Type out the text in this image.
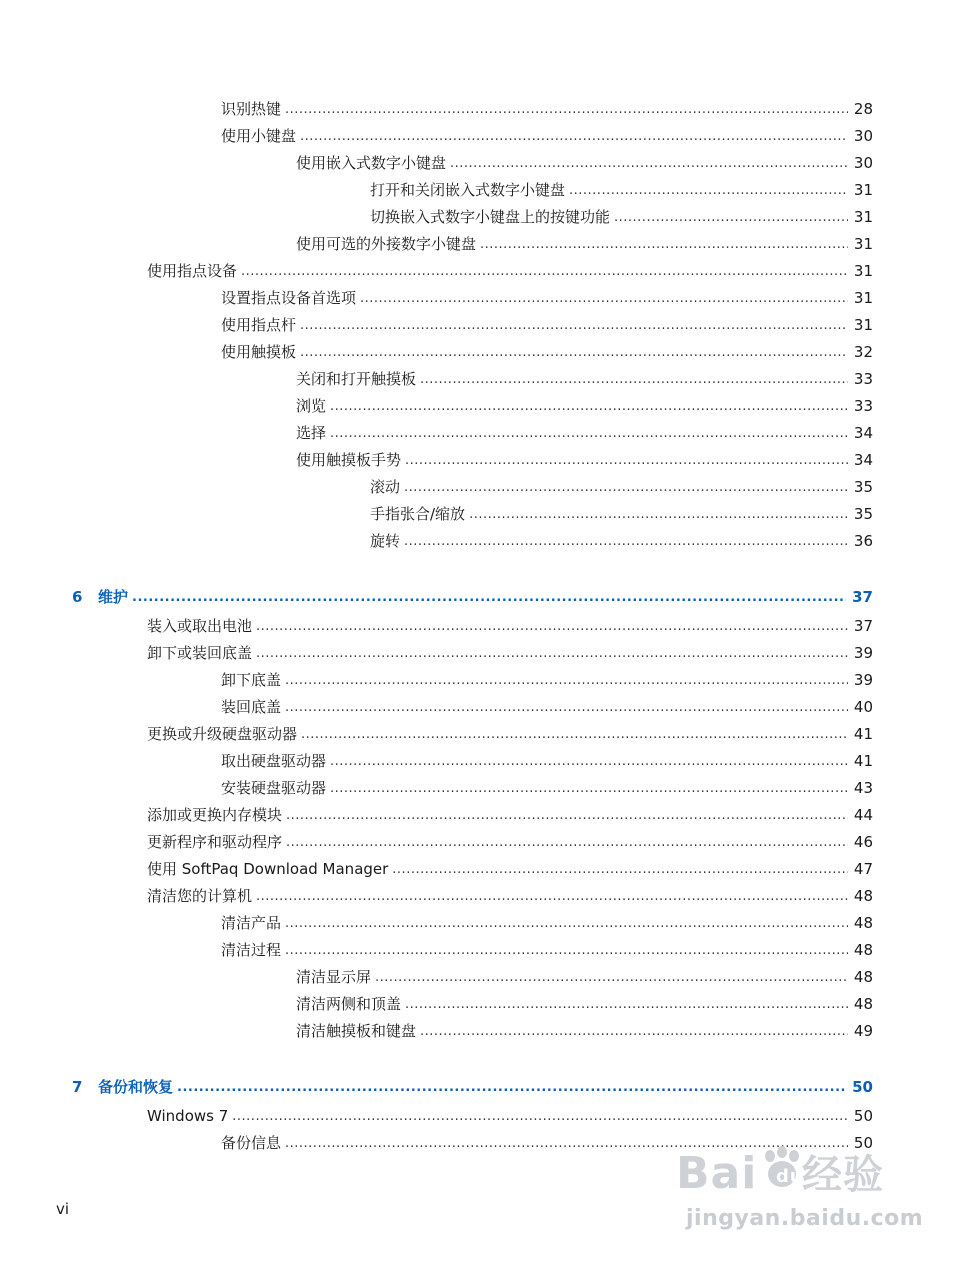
识别热键 .....	28
使用小键盘 .....	30
使用嵌入式数字小键盘 .....	30
打开和关闭嵌入式数字小键盘 .....	31
切换嵌入式数字小键盘上的按键功能 .....	31
使用可选的外接数字小键盘 .....	31
使用指点设备 .....	31
设置指点设备首选项 .....	31
使用指点杆 .....	31
使用触摸板 .....	32
关闭和打开触摸板 .....	33
浏览 .....	33
选择 .....	34
使用触摸板手势 .....	34
滚动 .....	35
手指张合/缩放 .....	35
旋转 .....	36
6	维护 .....	37
装入或取出电池 .....	37
卸下或装回底盖 .....	39
卸下底盖 .....	39
装回底盖 .....	40
更换或升级硬盘驱动器 .....	41
取出硬盘驱动器 .....	41
安装硬盘驱动器 .....	43
添加或更换内存模块 .....	44
更新程序和驱动程序 .....	46
使用 SoftPaq Download Manager .....	47
清洁您的计算机 .....	48
清洁产品 .....	48
清洁过程 .....	48
清洁显示屏 .....	48
清洁两侧和顶盖 .....	48
清洁触摸板和键盘 .....	49
7	备份和恢复 .....	50
Windows 7 .....	50
备份信息 .....	50
vi
Bai du
经验
jingyan.baidu.com
